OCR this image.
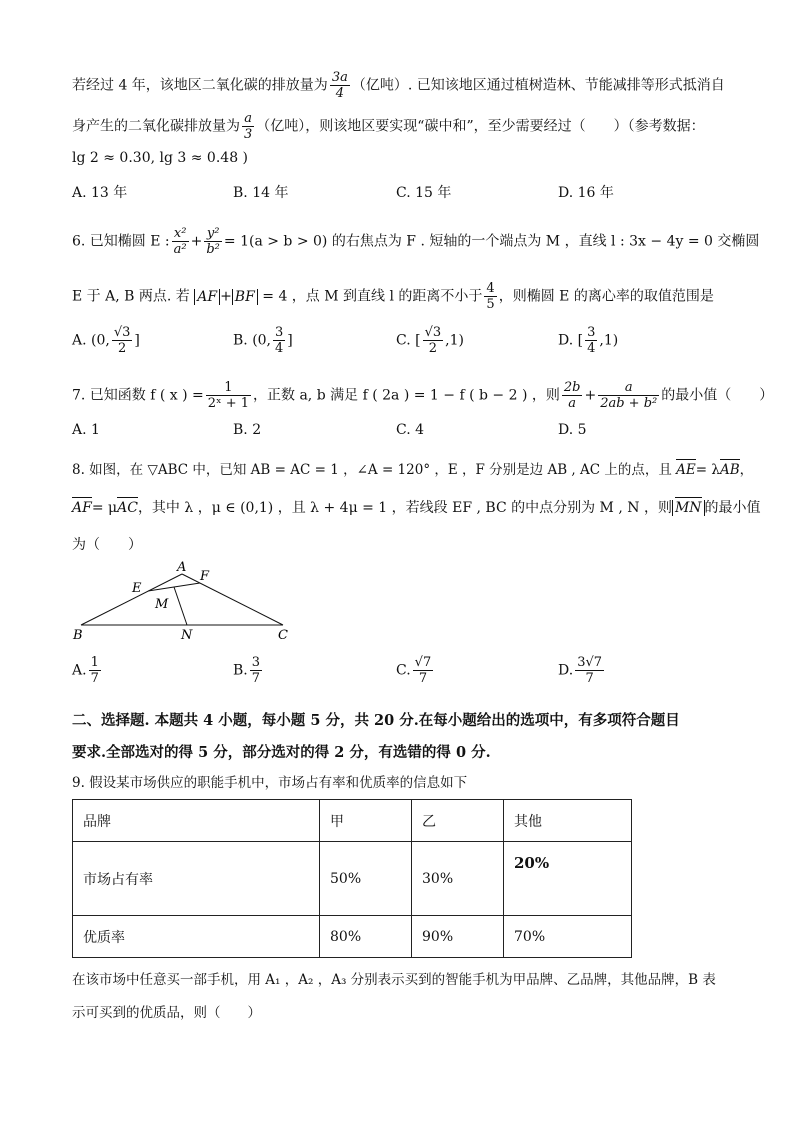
若经过 4 年，该地区二氧化碳的排放量为 $\frac{3a}{4}$ （亿吨）. 已知该地区通过植树造林、节能减排等形式抵消自
身产生的二氧化碳排放量为 $\frac{a}{3}$ （亿吨），则该地区要实现“碳中和”，至少需要经过（　　）（参考数据：
lg 2 ≈ 0.30, lg 3 ≈ 0.48 )
A. 13 年	B. 14 年	C. 15 年	D. 16 年
6. 已知椭圆 E : $\frac{\text{x²}}{\text{a²}} + \frac{\text{y²}}{\text{b²}} = 1(a > b > 0)$ 的右焦点为 F . 短轴的一个端点为 M ，直线 l : 3x − 4y = 0 交椭圆
E 于 A, B 两点. 若 AF + BF = 4 ，点 M 到直线 l 的距离不小于 $\frac{4}{5}$ ，则椭圆 E 的离心率的取值范围是
A. (0, $\frac{√3}{2}$ ]	B. (0, $\frac{3}{4}$ ]	C. [ $\frac{√3}{2} ,1$)	D. [ $\frac{3}{4} ,1$)
7. 已知函数 f ( x ) = $\frac{1}{\text{2ˣ + 1}}$ ，正数 a, b 满足 f ( 2a ) = 1 − f ( b − 2 ) ，则 $\frac{2b}{a} + \frac{a}{\text{2ab + b²}}$ 的最小值（　　）
A. 1	B. 2	C. 4	D. 5
8. 如图，在 ▽ABC 中，已知 AB = AC = 1 ，∠A = 120° ，E ，F 分别是边 AB , AC 上的点，且 AE= λAB，
AF= μAC，其中 λ ，μ ∈ (0,1) ，且 λ + 4μ = 1 ，若线段 EF , BC 的中点分别为 M , N ，则 MN 的最小值
为（　　）
A
F
E
M
B	N	C
A. $\frac{1}{7}$	B. $\frac{3}{7}$	C. $\frac{√7}{7}$	D. $\frac{3√7}{7}$
二、选择题. 本题共 4 小题，每小题 5 分，共 20 分.在每小题给出的选项中，有多项符合题目
要求.全部选对的得 5 分，部分选对的得 2 分，有选错的得 0 分.
9. 假设某市场供应的职能手机中，市场占有率和优质率的信息如下
品牌	甲	乙	其他
市场占有率	50%	30%	20%
优质率	80%	90%	70%
在该市场中任意买一部手机，用 A₁ ，A₂ ，A₃ 分别表示买到的智能手机为甲品牌、乙品牌，其他品牌，B 表
示可买到的优质品，则（　　）
